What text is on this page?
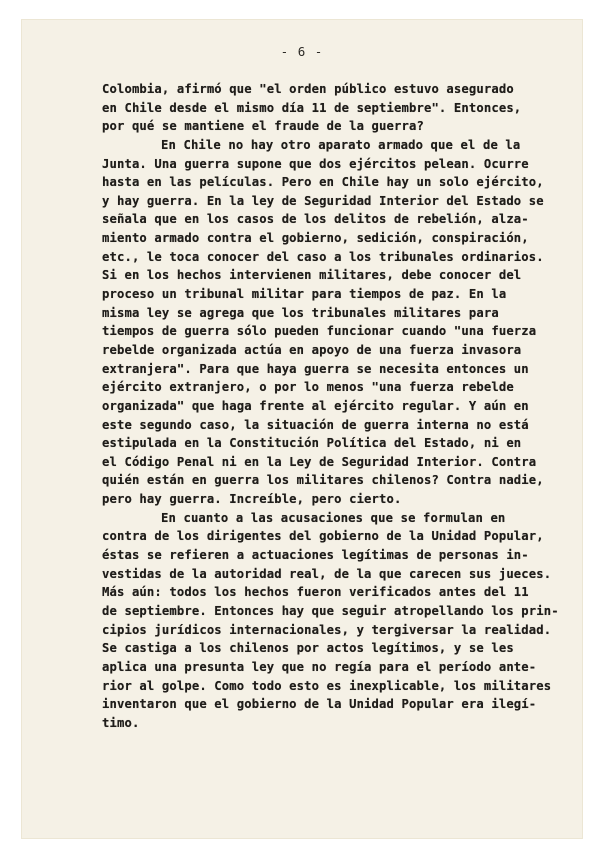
- 6 -
Colombia, afirmó que "el orden público estuvo asegurado
en Chile desde el mismo día 11 de septiembre". Entonces,
por qué se mantiene el fraude de la guerra?
En Chile no hay otro aparato armado que el de la
Junta. Una guerra supone que dos ejércitos pelean. Ocurre
hasta en las películas. Pero en Chile hay un solo ejército,
y hay guerra. En la ley de Seguridad Interior del Estado se
señala que en los casos de los delitos de rebelión, alza-
miento armado contra el gobierno, sedición, conspiración,
etc., le toca conocer del caso a los tribunales ordinarios.
Si en los hechos intervienen militares, debe conocer del
proceso un tribunal militar para tiempos de paz. En la
misma ley se agrega que los tribunales militares para
tiempos de guerra sólo pueden funcionar cuando "una fuerza
rebelde organizada actúa en apoyo de una fuerza invasora
extranjera". Para que haya guerra se necesita entonces un
ejército extranjero, o por lo menos "una fuerza rebelde
organizada" que haga frente al ejército regular. Y aún en
este segundo caso, la situación de guerra interna no está
estipulada en la Constitución Política del Estado, ni en
el Código Penal ni en la Ley de Seguridad Interior. Contra
quién están en guerra los militares chilenos? Contra nadie,
pero hay guerra. Increíble, pero cierto.
En cuanto a las acusaciones que se formulan en
contra de los dirigentes del gobierno de la Unidad Popular,
éstas se refieren a actuaciones legítimas de personas in-
vestidas de la autoridad real, de la que carecen sus jueces.
Más aún: todos los hechos fueron verificados antes del 11
de septiembre. Entonces hay que seguir atropellando los prin-
cipios jurídicos internacionales, y tergiversar la realidad.
Se castiga a los chilenos por actos legítimos, y se les
aplica una presunta ley que no regía para el período ante-
rior al golpe. Como todo esto es inexplicable, los militares
inventaron que el gobierno de la Unidad Popular era ilegí-
timo.
